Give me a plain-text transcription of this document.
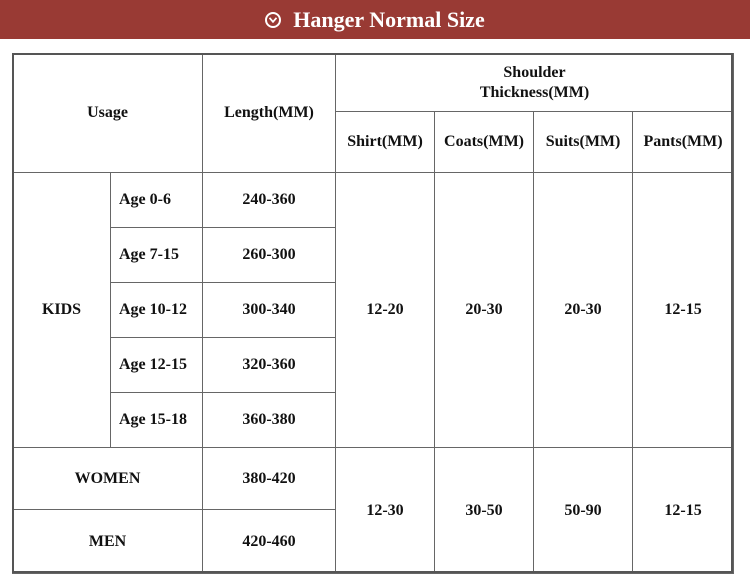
Hanger Normal Size
Usage		Length(MM)	Shoulder
Thickness(MM)			
			Shirt(MM)	Coats(MM)	Suits(MM)	Pants(MM)
KIDS	Age 0-6	240-360	12-20	20-30	20-30	12-15
	Age 7-15	260-300				
	Age 10-12	300-340				
	Age 12-15	320-360				
	Age 15-18	360-380				
WOMEN		380-420	12-30	30-50	50-90	12-15
MEN		420-460				
